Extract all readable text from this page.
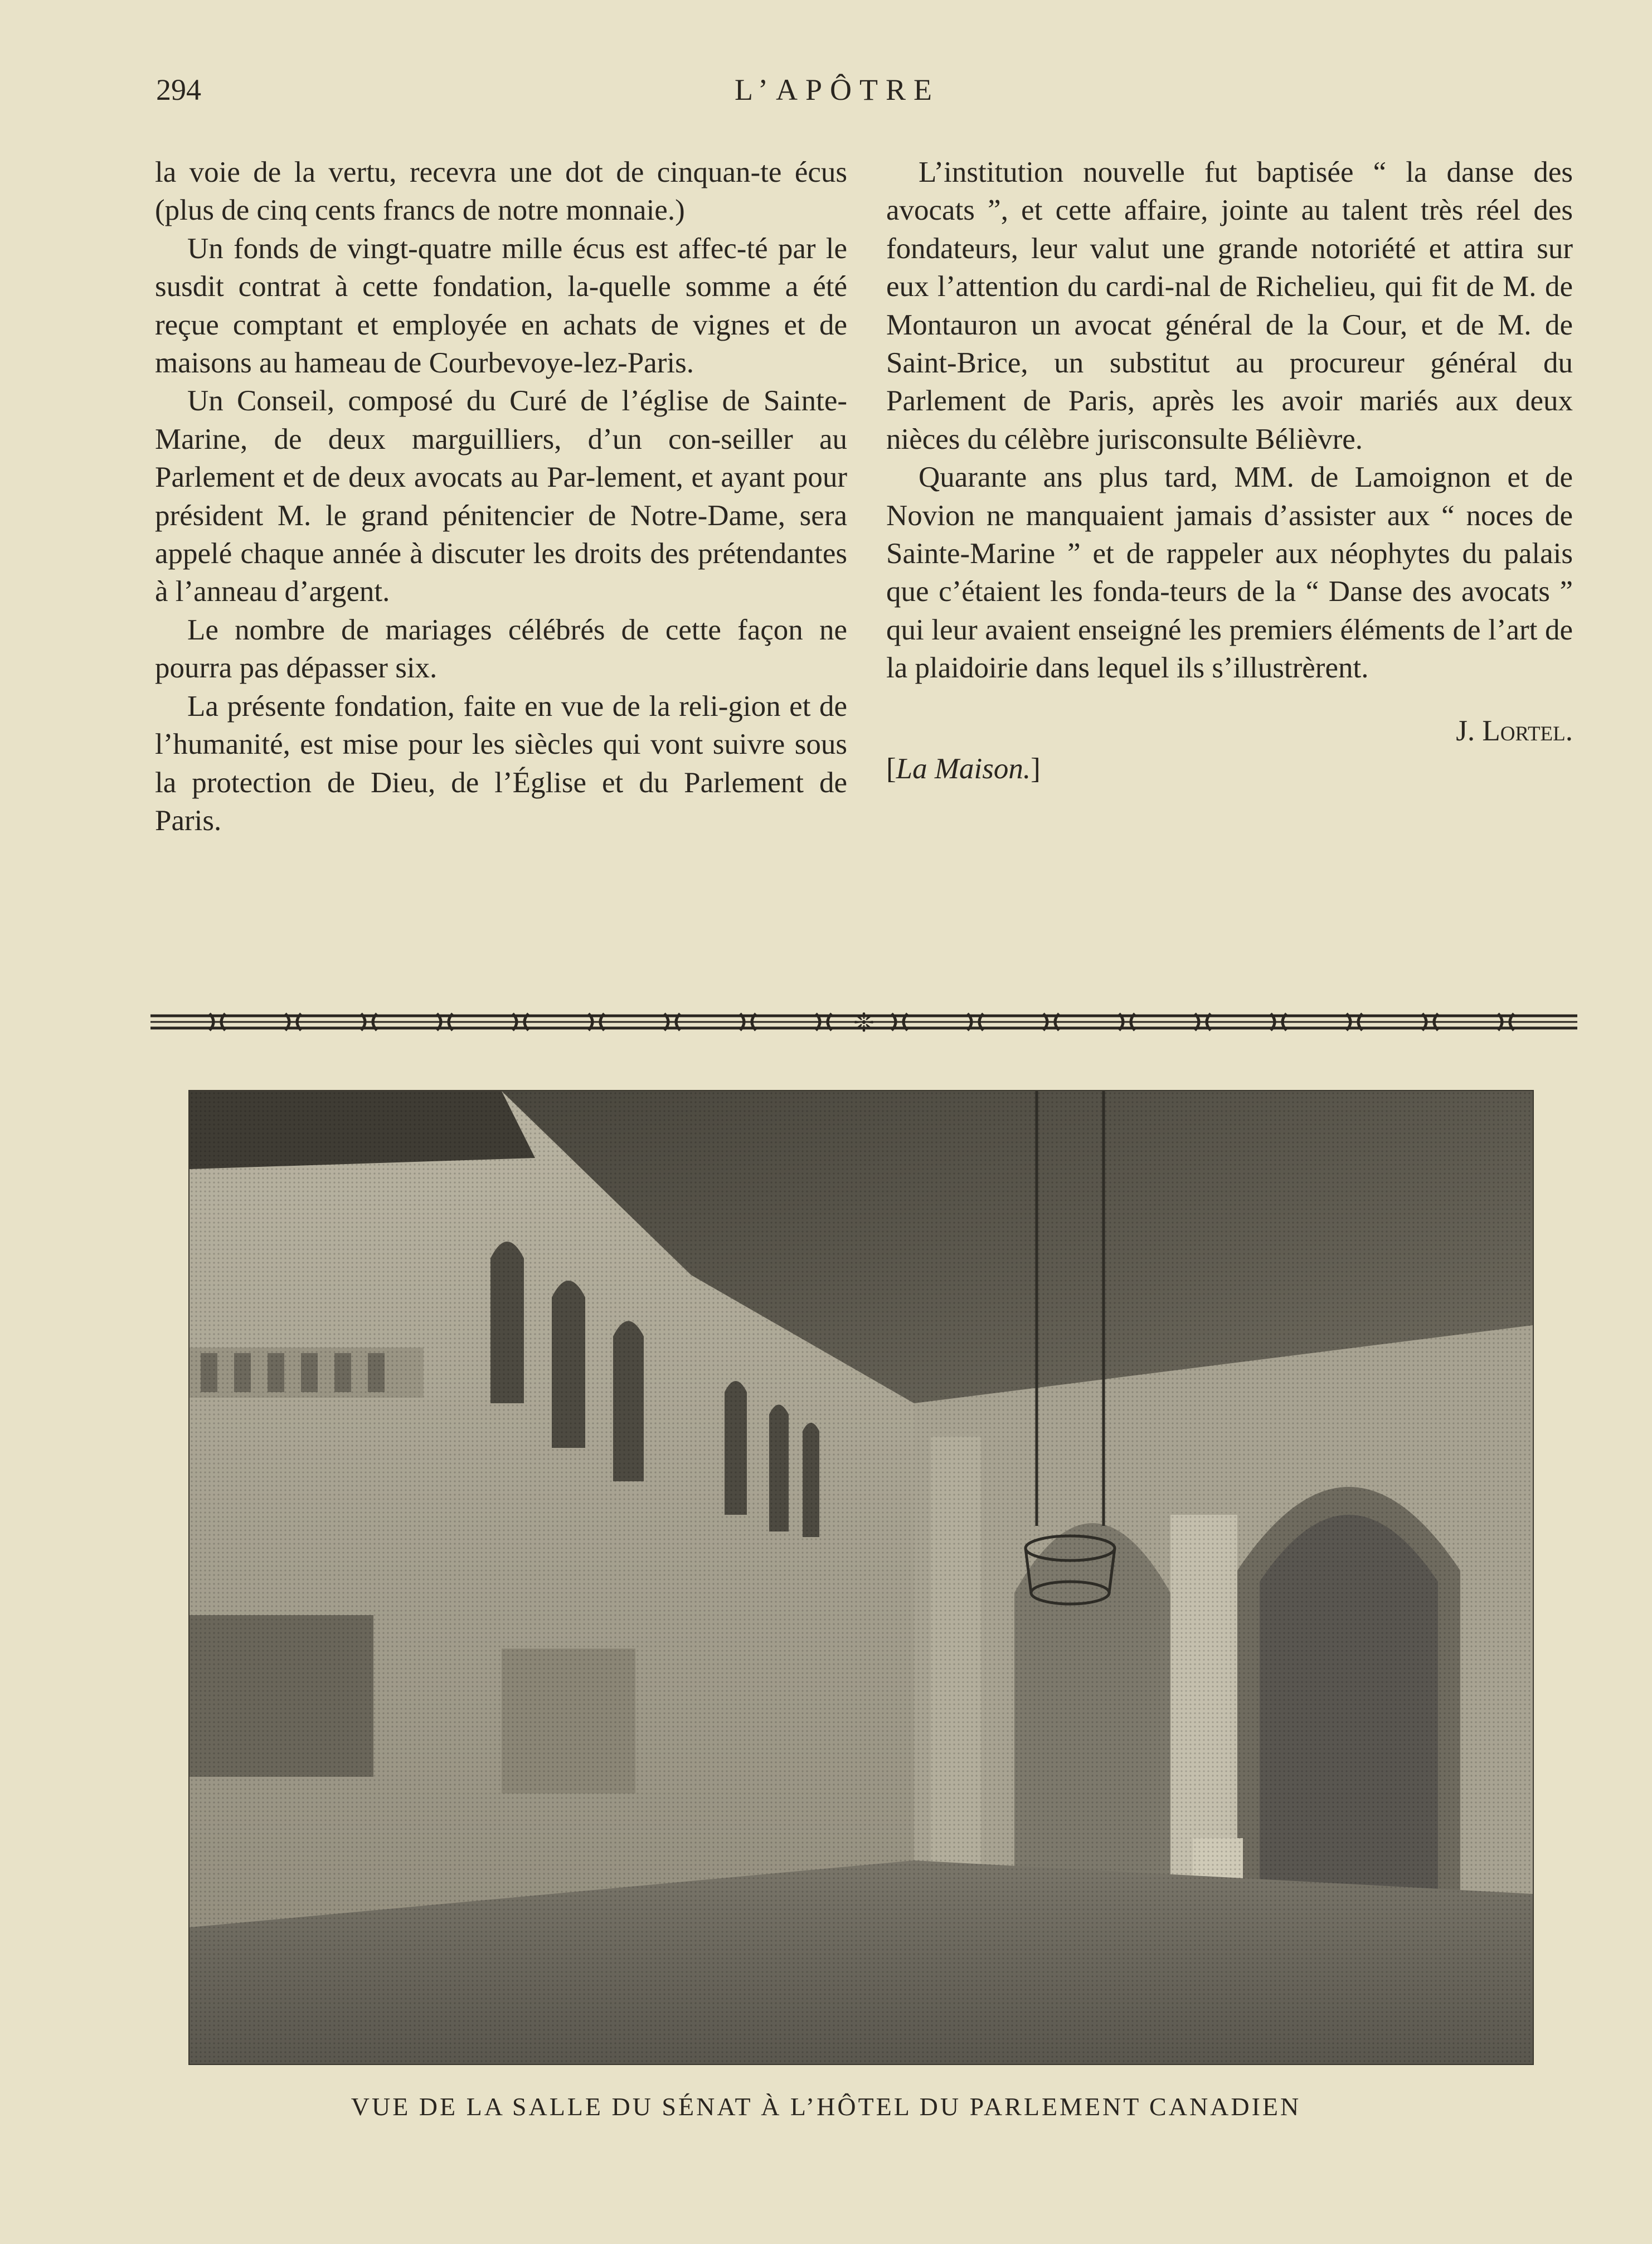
294	L’APÔTRE

la voie de la vertu, recevra une dot de cinquan-te écus (plus de cinq cents francs de notre monnaie.)

Un fonds de vingt-quatre mille écus est affec-té par le susdit contrat à cette fondation, la-quelle somme a été reçue comptant et employée en achats de vignes et de maisons au hameau de Courbevoye-lez-Paris.

Un Conseil, composé du Curé de l’église de Sainte-Marine, de deux marguilliers, d’un con-seiller au Parlement et de deux avocats au Par-lement, et ayant pour président M. le grand pénitencier de Notre-Dame, sera appelé chaque année à discuter les droits des prétendantes à l’anneau d’argent.

Le nombre de mariages célébrés de cette façon ne pourra pas dépasser six.

La présente fondation, faite en vue de la reli-gion et de l’humanité, est mise pour les siècles qui vont suivre sous la protection de Dieu, de l’Église et du Parlement de Paris.

L’institution nouvelle fut baptisée “ la danse des avocats ”, et cette affaire, jointe au talent très réel des fondateurs, leur valut une grande notoriété et attira sur eux l’attention du cardi-nal de Richelieu, qui fit de M. de Montauron un avocat général de la Cour, et de M. de Saint-Brice, un substitut au procureur général du Parlement de Paris, après les avoir mariés aux deux nièces du célèbre jurisconsulte Bélièvre.

Quarante ans plus tard, MM. de Lamoignon et de Novion ne manquaient jamais d’assister aux “ noces de Sainte-Marine ” et de rappeler aux néophytes du palais que c’étaient les fonda-teurs de la “ Danse des avocats ” qui leur avaient enseigné les premiers éléments de l’art de la plaidoirie dans lequel ils s’illustrèrent.

J. Lortel.

[La Maison.]

❊
VUE DE LA SALLE DU SÉNAT À L’HÔTEL DU PARLEMENT CANADIEN
